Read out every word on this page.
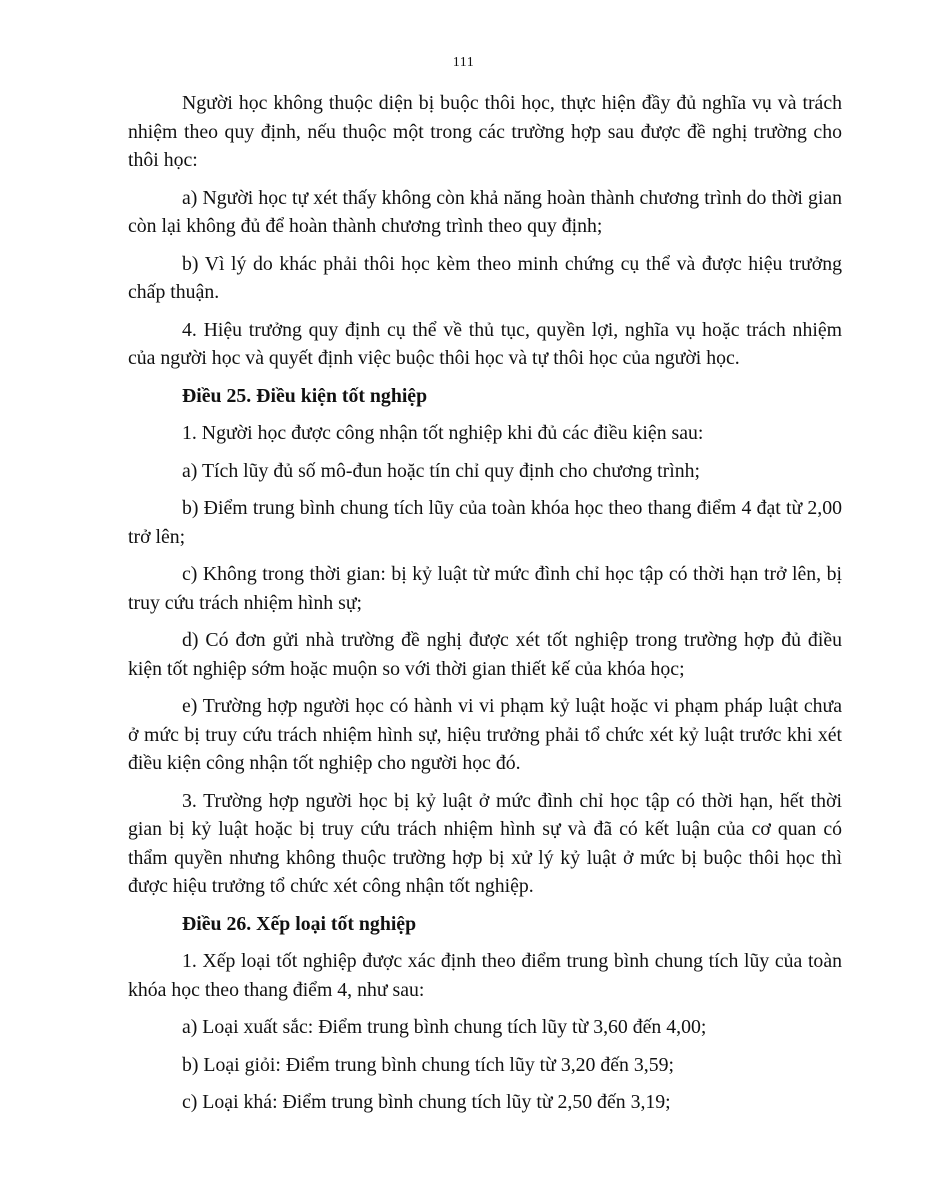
111

Người học không thuộc diện bị buộc thôi học, thực hiện đầy đủ nghĩa vụ và trách nhiệm theo quy định, nếu thuộc một trong các trường hợp sau được đề nghị trường cho thôi học:

a) Người học tự xét thấy không còn khả năng hoàn thành chương trình do thời gian còn lại không đủ để hoàn thành chương trình theo quy định;

b) Vì lý do khác phải thôi học kèm theo minh chứng cụ thể và được hiệu trưởng chấp thuận.

4. Hiệu trưởng quy định cụ thể về thủ tục, quyền lợi, nghĩa vụ hoặc trách nhiệm của người học và quyết định việc buộc thôi học và tự thôi học của người học.

Điều 25. Điều kiện tốt nghiệp

1. Người học được công nhận tốt nghiệp khi đủ các điều kiện sau:

a) Tích lũy đủ số mô-đun hoặc tín chỉ quy định cho chương trình;

b) Điểm trung bình chung tích lũy của toàn khóa học theo thang điểm 4 đạt từ 2,00 trở lên;

c) Không trong thời gian: bị kỷ luật từ mức đình chỉ học tập có thời hạn trở lên, bị truy cứu trách nhiệm hình sự;

d) Có đơn gửi nhà trường đề nghị được xét tốt nghiệp trong trường hợp đủ điều kiện tốt nghiệp sớm hoặc muộn so với thời gian thiết kế của khóa học;

e) Trường hợp người học có hành vi vi phạm kỷ luật hoặc vi phạm pháp luật chưa ở mức bị truy cứu trách nhiệm hình sự, hiệu trưởng phải tổ chức xét kỷ luật trước khi xét điều kiện công nhận tốt nghiệp cho người học đó.

3. Trường hợp người học bị kỷ luật ở mức đình chỉ học tập có thời hạn, hết thời gian bị kỷ luật hoặc bị truy cứu trách nhiệm hình sự và đã có kết luận của cơ quan có thẩm quyền nhưng không thuộc trường hợp bị xử lý kỷ luật ở mức bị buộc thôi học thì được hiệu trưởng tổ chức xét công nhận tốt nghiệp.

Điều 26. Xếp loại tốt nghiệp

1. Xếp loại tốt nghiệp được xác định theo điểm trung bình chung tích lũy của toàn khóa học theo thang điểm 4, như sau:

a) Loại xuất sắc: Điểm trung bình chung tích lũy từ 3,60 đến 4,00;

b) Loại giỏi: Điểm trung bình chung tích lũy từ 3,20 đến 3,59;

c) Loại khá: Điểm trung bình chung tích lũy từ 2,50 đến 3,19;
